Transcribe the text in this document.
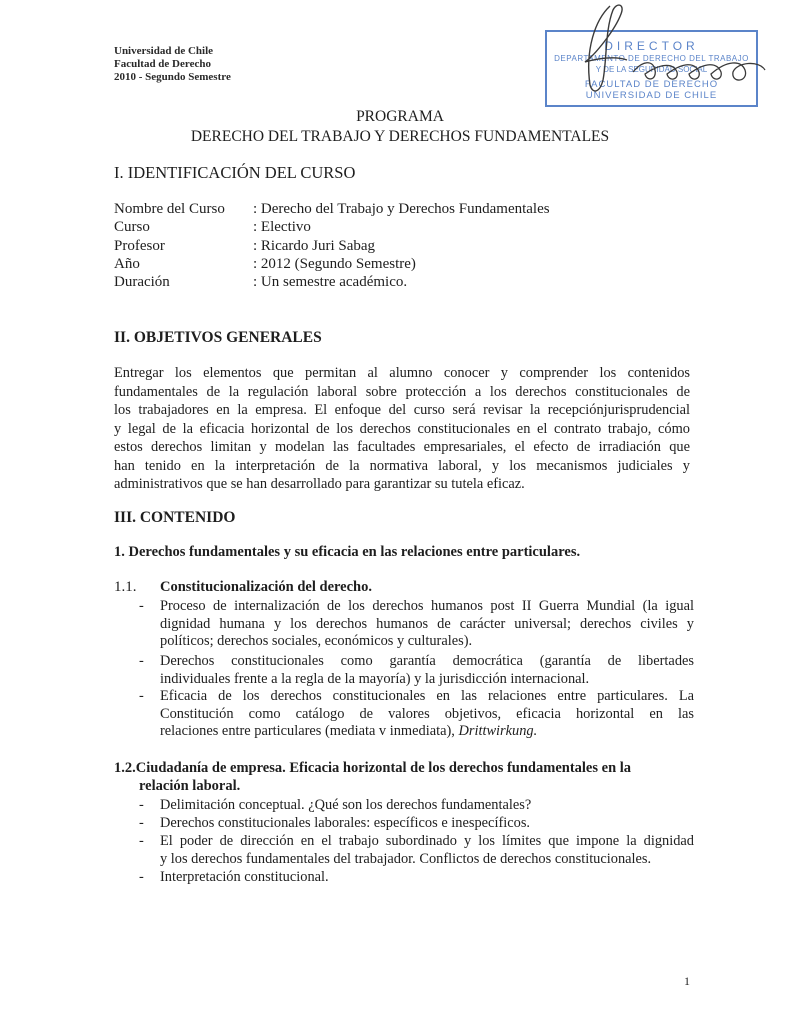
Universidad de Chile
Facultad de Derecho
2010 - Segundo Semestre
DIRECTOR
DEPARTAMENTO DE DERECHO DEL TRABAJO
Y DE LA SEGURIDAD SOCIAL
FACULTAD DE DERECHO
UNIVERSIDAD DE CHILE
PROGRAMA
DERECHO DEL TRABAJO Y DERECHOS FUNDAMENTALES
I. IDENTIFICACIÓN DEL CURSO
Nombre del Curso : Derecho del Trabajo y Derechos Fundamentales
Curso	: Electivo
Profesor	: Ricardo Juri Sabag
Año	: 2012 (Segundo Semestre)
Duración	: Un semestre académico.
II. OBJETIVOS GENERALES
Entregar los elementos que permitan al alumno conocer y comprender los contenidos
fundamentales de la regulación laboral sobre protección a los derechos constitucionales de
los trabajadores en la empresa. El enfoque del curso será revisar la recepciónjurisprudencial
y legal de la eficacia horizontal de los derechos constitucionales en el contrato trabajo, cómo
estos derechos limitan y modelan las facultades empresariales, el efecto de irradiación que
han tenido en la interpretación de la normativa laboral, y los mecanismos judiciales y
administrativos que se han desarrollado para garantizar su tutela eficaz.
III. CONTENIDO
1. Derechos fundamentales y su eficacia en las relaciones entre particulares.
1.1. Constitucionalización del derecho.
- Proceso de internalización de los derechos humanos post II Guerra Mundial (la igual
dignidad humana y los derechos humanos de carácter universal; derechos civiles y
políticos; derechos sociales, económicos y culturales).
- Derechos constitucionales como garantía democrática (garantía de libertades
individuales frente a la regla de la mayoría) y la jurisdicción internacional.
- Eficacia de los derechos constitucionales en las relaciones entre particulares. La
Constitución como catálogo de valores objetivos, eficacia horizontal en las
relaciones entre particulares (mediata v inmediata), Drittwirkung.
1.2.Ciudadanía de empresa. Eficacia horizontal de los derechos fundamentales en la
relación laboral.
- Delimitación conceptual. ¿Qué son los derechos fundamentales?
- Derechos constitucionales laborales: específicos e inespecíficos.
- El poder de dirección en el trabajo subordinado y los límites que impone la dignidad
y los derechos fundamentales del trabajador. Conflictos de derechos constitucionales.
- Interpretación constitucional.
1
